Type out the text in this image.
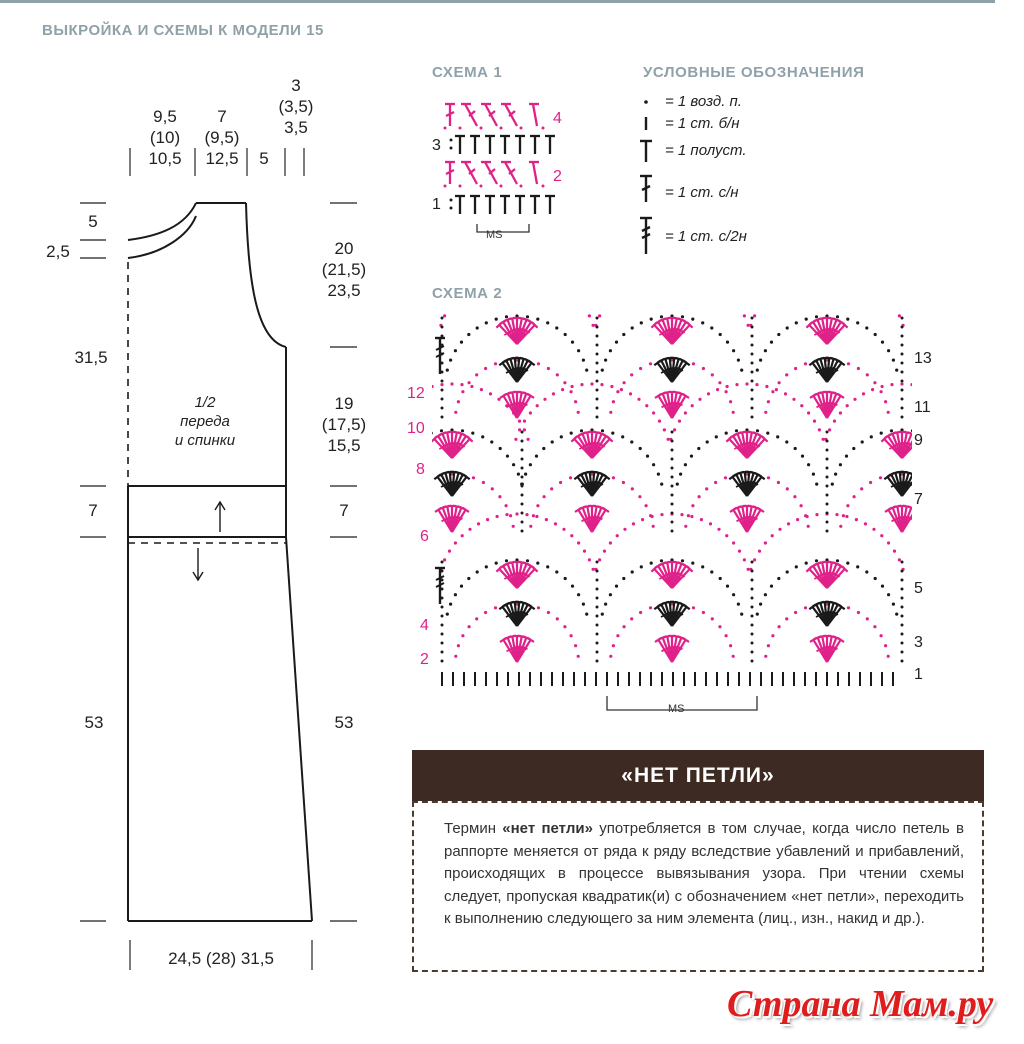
ВЫКРОЙКА И СХЕМЫ К МОДЕЛИ 15
9,5
(10)
10,5
7
(9,5)
12,5	5
3
(3,5)
3,5
5
2,5
31,5
7
53
20
(21,5)
23,5
19
(17,5)
15,5
7
53
1/2
переда
и спинки
24,5 (28) 31,5
СХЕМА 1
4
3
2
1
MS
УСЛОВНЫЕ ОБОЗНАЧЕНИЯ
= 1 возд. п.
= 1 ст. б/н
= 1 полуст.
= 1 ст. с/н
= 1 ст. с/2н
СХЕМА 2
13
11
9
7
5
3
1
12
10
8
6
4
2
MS
«НЕТ ПЕТЛИ»
Термин «нет петли» употребляется в том случае, когда число петель в раппорте меняется от ряда к ряду вследствие убавлений и прибавлений, происходящих в процессе вывязывания узора. При чтении схемы следует, пропуская квадратик(и) с обозначением «нет петли», переходить к выполнению следующего за ним элемента (лиц., изн., накид и др.).
Страна Мам.ру
